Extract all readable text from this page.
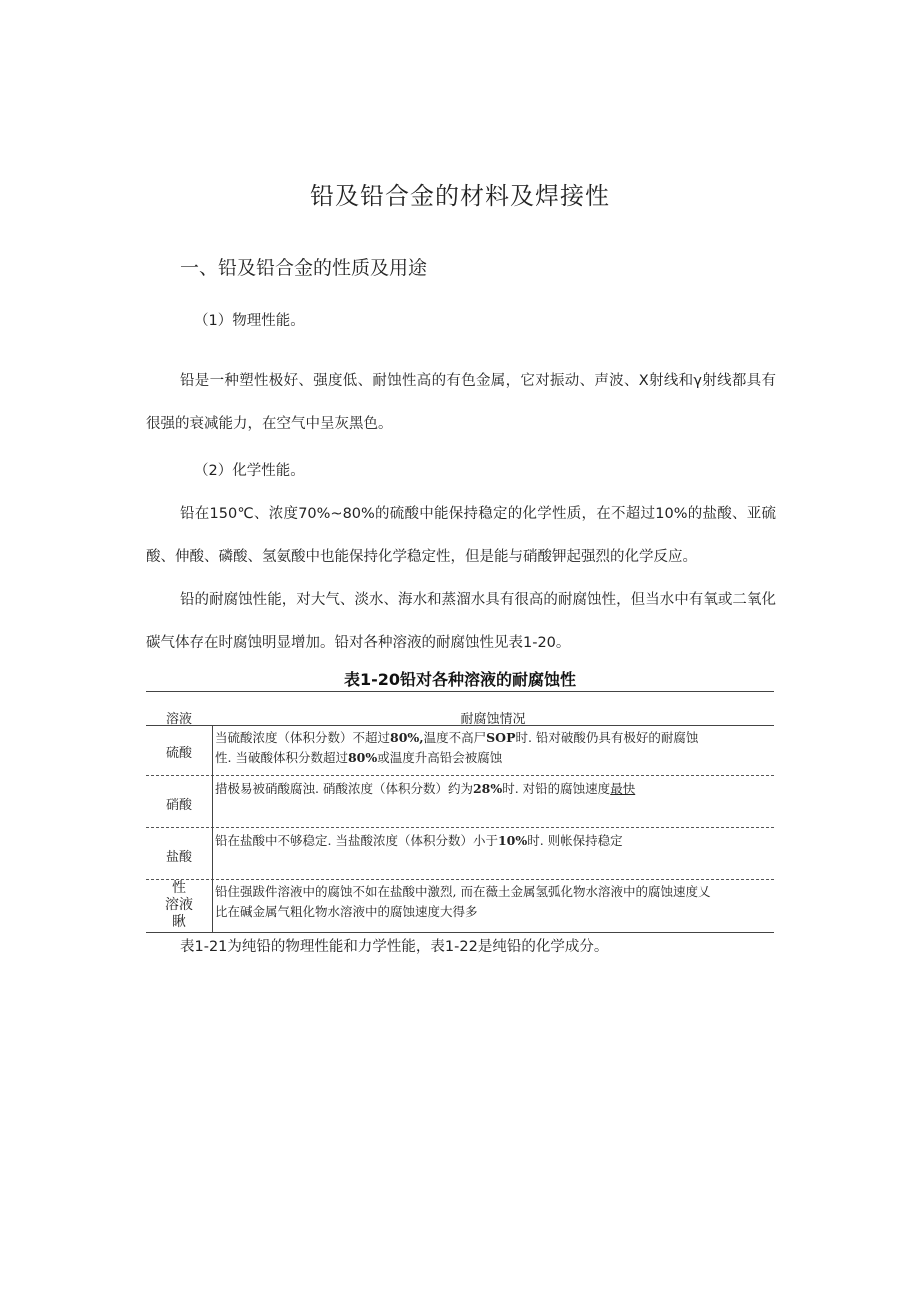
铅及铅合金的材料及焊接性
一、铅及铅合金的性质及用途
（1）物理性能。
铅是一种塑性极好、强度低、耐蚀性高的有色金属，它对振动、声波、X射线和γ射线都具有很强的衰减能力，在空气中呈灰黑色。
（2）化学性能。
铅在150℃、浓度70%~80%的硫酸中能保持稳定的化学性质，在不超过10%的盐酸、亚硫酸、伸酸、磷酸、氢氨酸中也能保持化学稳定性，但是能与硝酸钾起强烈的化学反应。
铅的耐腐蚀性能，对大气、淡水、海水和蒸溜水具有很高的耐腐蚀性，但当水中有氧或二氧化碳气体存在时腐蚀明显增加。铅对各种溶液的耐腐蚀性见表1-20。
表1-20铅对各种溶液的耐腐蚀性
溶液	耐腐蚀情况
硫酸
当硫酸浓度（体积分数）不超过80%,温度不高尸SOP时. 铅对破酸仍具有极好的耐腐蚀
性. 当破酸体积分数超过80%或温度升高铅会被腐蚀
硝酸
措极易被硝酸腐浊. 硝酸浓度（体积分数）约为28%时. 对铅的腐蚀速度最快
盐酸
铅在盐酸中不够稳定. 当盐酸浓度（体积分数）小于10%时. 则帐保持稳定
性
溶液
瞅
铅住强跋件溶液中的腐蚀不如在盐酸中激烈, 而在薇土金属氢弧化物水溶液中的腐蚀速度乂
比在碱金属气粗化物水溶液中的腐蚀速度大得多
表1-21为纯铅的物理性能和力学性能，表1-22是纯铅的化学成分。
